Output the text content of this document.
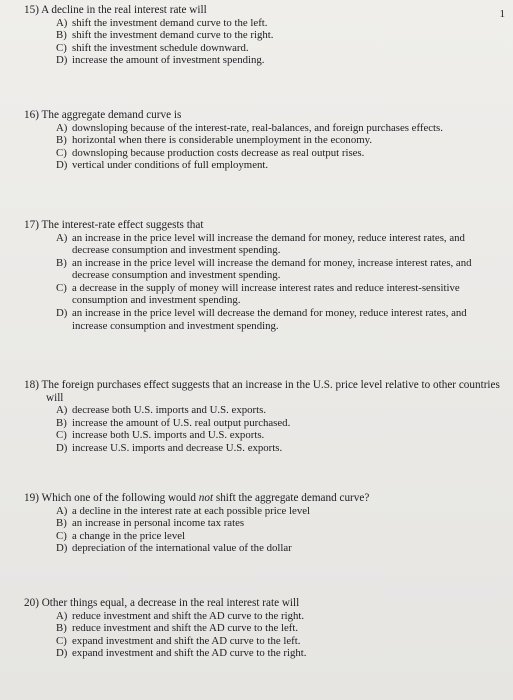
1
15) A decline in the real interest rate will
A) shift the investment demand curve to the left.
B) shift the investment demand curve to the right.
C) shift the investment schedule downward.
D) increase the amount of investment spending.
16) The aggregate demand curve is
A) downsloping because of the interest-rate, real-balances, and foreign purchases effects.
B) horizontal when there is considerable unemployment in the economy.
C) downsloping because production costs decrease as real output rises.
D) vertical under conditions of full employment.
17) The interest-rate effect suggests that
A) an increase in the price level will increase the demand for money, reduce interest rates, and decrease consumption and investment spending.
B) an increase in the price level will increase the demand for money, increase interest rates, and decrease consumption and investment spending.
C) a decrease in the supply of money will increase interest rates and reduce interest-sensitive consumption and investment spending.
D) an increase in the price level will decrease the demand for money, reduce interest rates, and increase consumption and investment spending.
18) The foreign purchases effect suggests that an increase in the U.S. price level relative to other countries will
A) decrease both U.S. imports and U.S. exports.
B) increase the amount of U.S. real output purchased.
C) increase both U.S. imports and U.S. exports.
D) increase U.S. imports and decrease U.S. exports.
19) Which one of the following would not shift the aggregate demand curve?
A) a decline in the interest rate at each possible price level
B) an increase in personal income tax rates
C) a change in the price level
D) depreciation of the international value of the dollar
20) Other things equal, a decrease in the real interest rate will
A) reduce investment and shift the AD curve to the right.
B) reduce investment and shift the AD curve to the left.
C) expand investment and shift the AD curve to the left.
D) expand investment and shift the AD curve to the right.
